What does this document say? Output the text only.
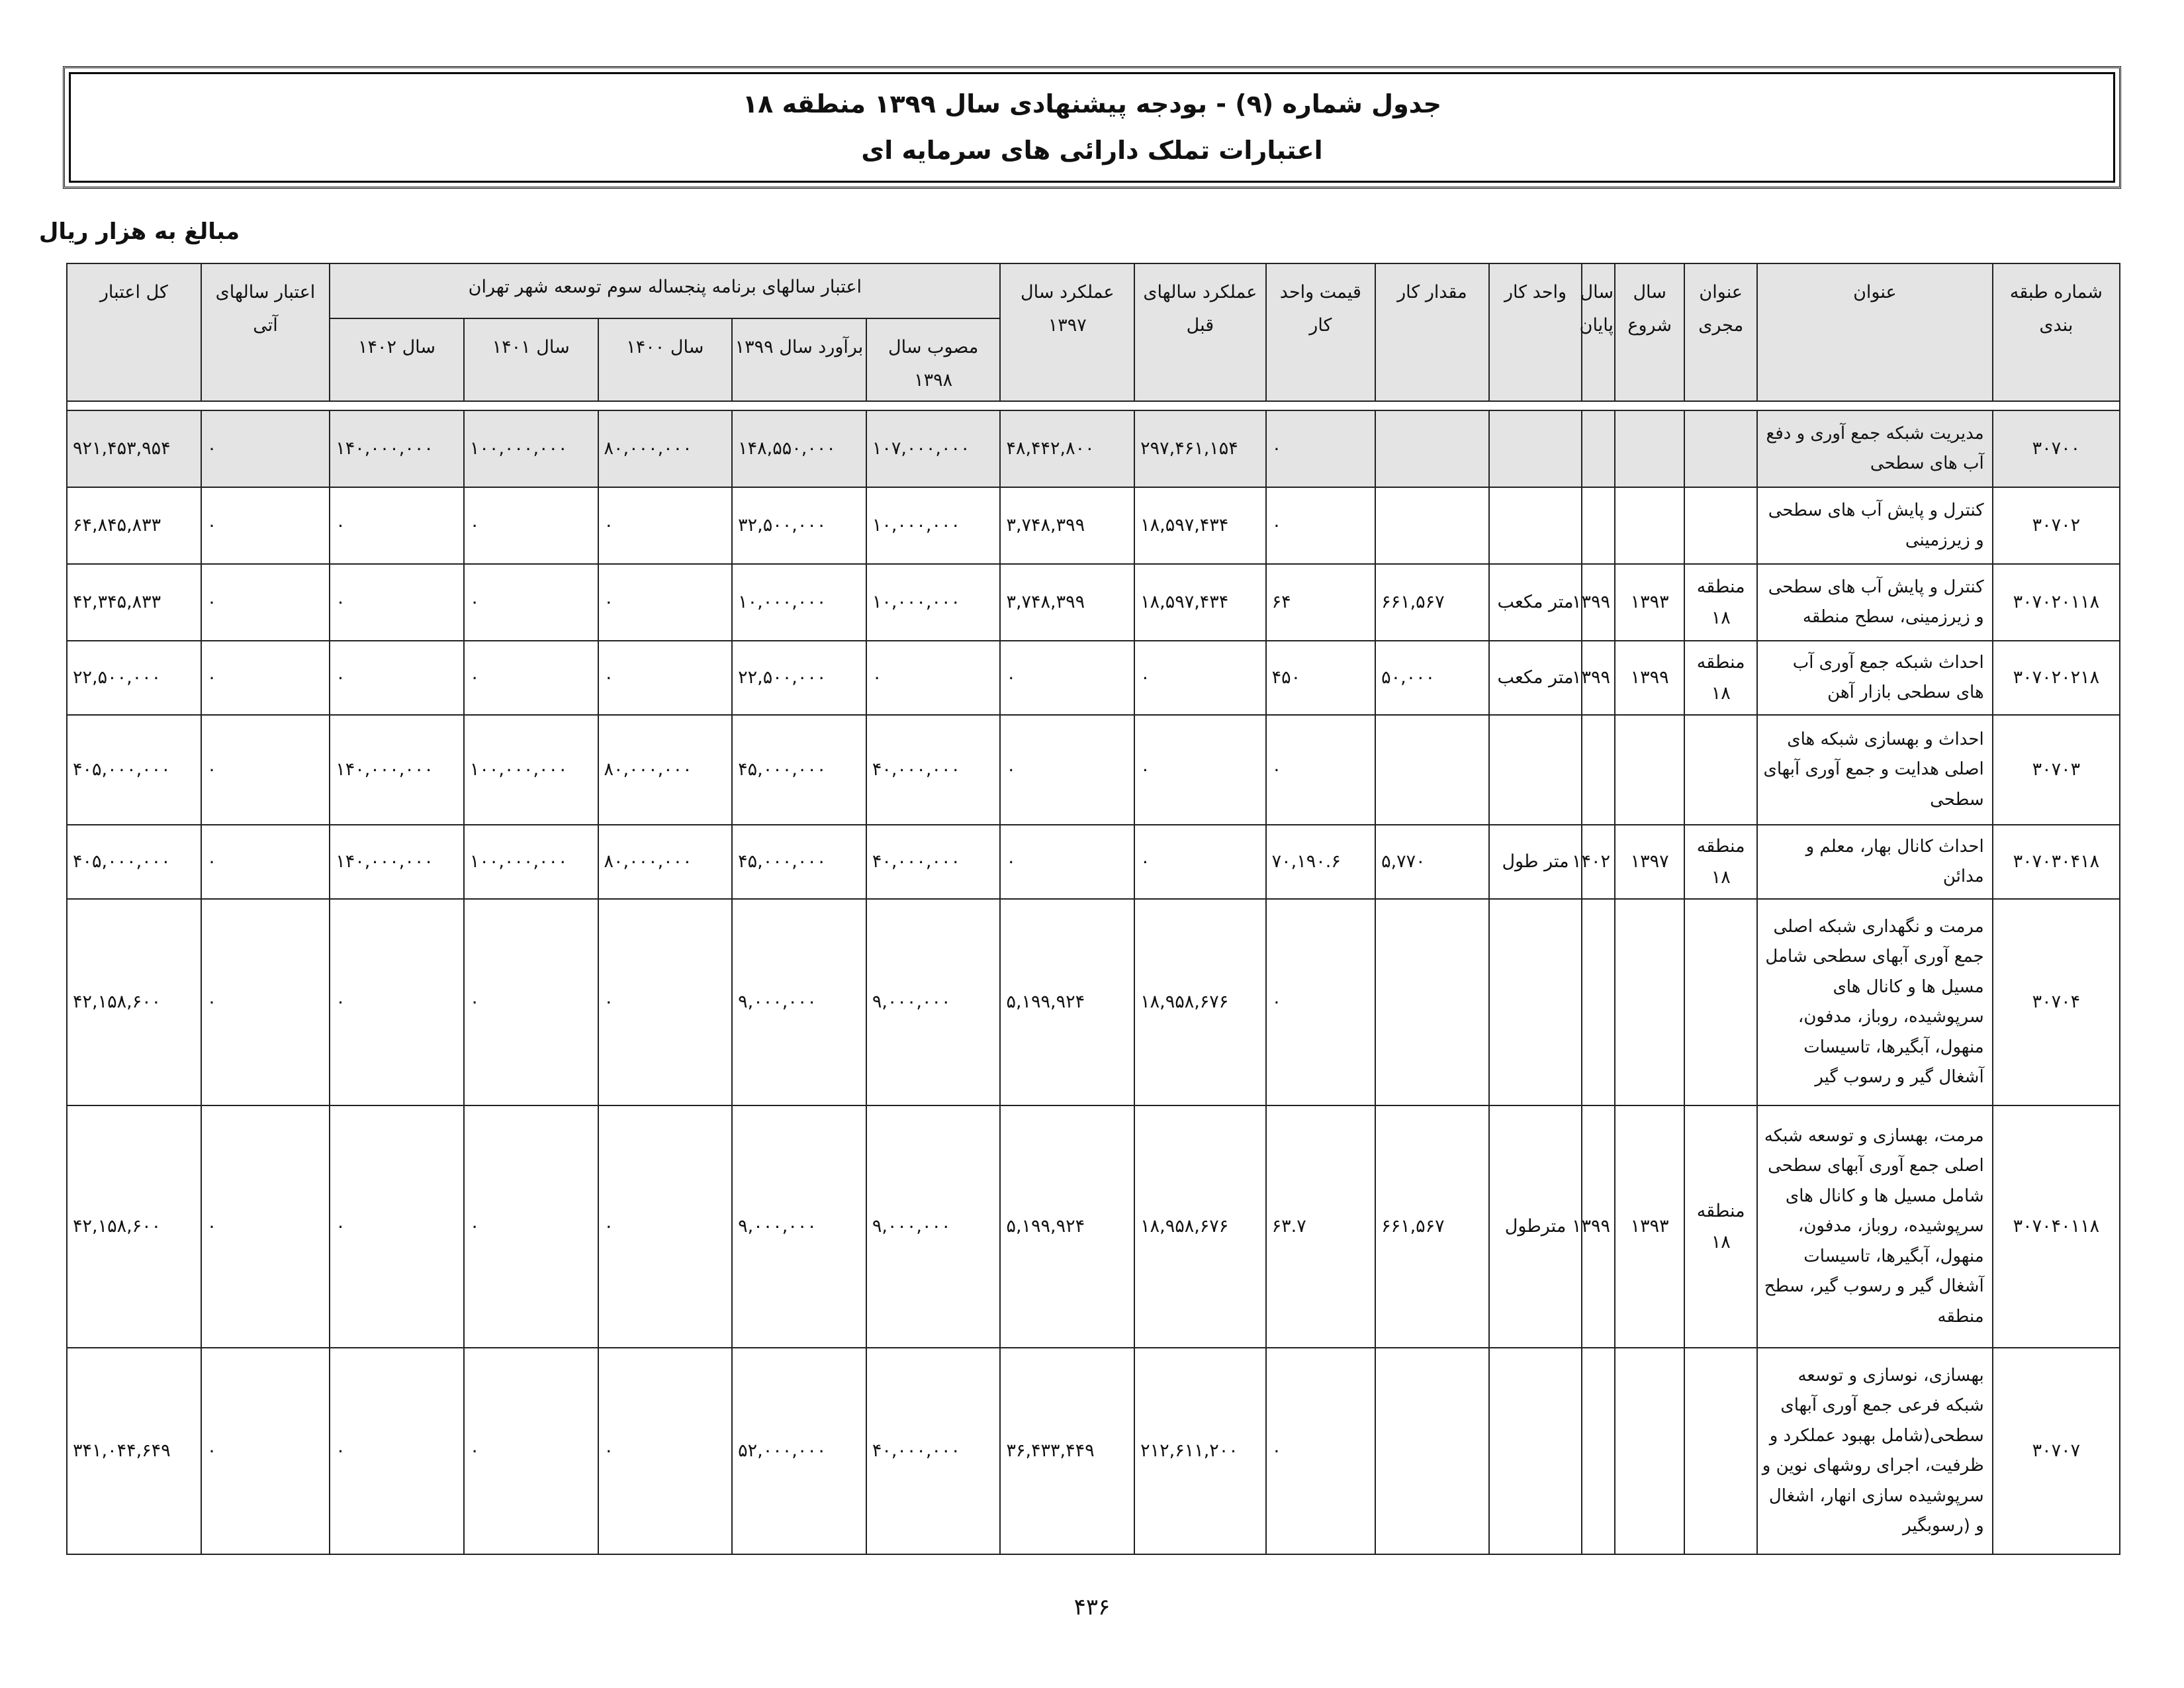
جدول شماره (۹) - بودجه پیشنهادی سال ۱۳۹۹ منطقه ۱۸
اعتبارات تملک دارائی های سرمایه ای
مبالغ به هزار ریال
شماره طبقه بندی	عنوان	عنوان مجری	سال شروع	سال پایان	واحد کار	مقدار کار	قیمت واحد کار	عملکرد سالهای قبل	عملکرد سال ۱۳۹۷	اعتبار سالهای برنامه پنجساله سوم توسعه شهر تهران					اعتبار سالهای آتی	کل اعتبار
										مصوب سال ۱۳۹۸	برآورد سال ۱۳۹۹	سال ۱۴۰۰	سال ۱۴۰۱	سال ۱۴۰۲		

۳۰۷۰۰	مدیریت شبکه جمع آوری و دفع آب های سطحی						۰	۲۹۷,۴۶۱,۱۵۴	۴۸,۴۴۲,۸۰۰	۱۰۷,۰۰۰,۰۰۰	۱۴۸,۵۵۰,۰۰۰	۸۰,۰۰۰,۰۰۰	۱۰۰,۰۰۰,۰۰۰	۱۴۰,۰۰۰,۰۰۰	۰	۹۲۱,۴۵۳,۹۵۴
۳۰۷۰۲	کنترل و پایش آب های سطحی و زیرزمینی						۰	۱۸,۵۹۷,۴۳۴	۳,۷۴۸,۳۹۹	۱۰,۰۰۰,۰۰۰	۳۲,۵۰۰,۰۰۰	۰	۰	۰	۰	۶۴,۸۴۵,۸۳۳
۳۰۷۰۲۰۱۱۸	کنترل و پایش آب های سطحی و زیرزمینی، سطح منطقه	منطقه ۱۸	۱۳۹۳	۱۳۹۹	متر مکعب	۶۶۱,۵۶۷	۶۴	۱۸,۵۹۷,۴۳۴	۳,۷۴۸,۳۹۹	۱۰,۰۰۰,۰۰۰	۱۰,۰۰۰,۰۰۰	۰	۰	۰	۰	۴۲,۳۴۵,۸۳۳
۳۰۷۰۲۰۲۱۸	احداث شبکه جمع آوری آب های سطحی بازار آهن	منطقه ۱۸	۱۳۹۹	۱۳۹۹	متر مکعب	۵۰,۰۰۰	۴۵۰	۰	۰	۰	۲۲,۵۰۰,۰۰۰	۰	۰	۰	۰	۲۲,۵۰۰,۰۰۰
۳۰۷۰۳	احداث و بهسازی شبکه های اصلی هدایت و جمع آوری آبهای سطحی						۰	۰	۰	۴۰,۰۰۰,۰۰۰	۴۵,۰۰۰,۰۰۰	۸۰,۰۰۰,۰۰۰	۱۰۰,۰۰۰,۰۰۰	۱۴۰,۰۰۰,۰۰۰	۰	۴۰۵,۰۰۰,۰۰۰
۳۰۷۰۳۰۴۱۸	احداث کانال بهار، معلم و مدائن	منطقه ۱۸	۱۳۹۷	۱۴۰۲	متر طول	۵,۷۷۰	۷۰,۱۹۰.۶	۰	۰	۴۰,۰۰۰,۰۰۰	۴۵,۰۰۰,۰۰۰	۸۰,۰۰۰,۰۰۰	۱۰۰,۰۰۰,۰۰۰	۱۴۰,۰۰۰,۰۰۰	۰	۴۰۵,۰۰۰,۰۰۰
۳۰۷۰۴	مرمت و نگهداری شبکه اصلی جمع آوری آبهای سطحی شامل مسیل ها و کانال های سرپوشیده، روباز، مدفون، منهول، آبگیرها، تاسیسات آشغال گیر و رسوب گیر						۰	۱۸,۹۵۸,۶۷۶	۵,۱۹۹,۹۲۴	۹,۰۰۰,۰۰۰	۹,۰۰۰,۰۰۰	۰	۰	۰	۰	۴۲,۱۵۸,۶۰۰
۳۰۷۰۴۰۱۱۸	مرمت، بهسازی و توسعه شبکه اصلی جمع آوری آبهای سطحی شامل مسیل ها و کانال های سرپوشیده، روباز، مدفون، منهول، آبگیرها، تاسیسات آشغال گیر و رسوب گیر، سطح منطقه	منطقه ۱۸	۱۳۹۳	۱۳۹۹	مترطول	۶۶۱,۵۶۷	۶۳.۷	۱۸,۹۵۸,۶۷۶	۵,۱۹۹,۹۲۴	۹,۰۰۰,۰۰۰	۹,۰۰۰,۰۰۰	۰	۰	۰	۰	۴۲,۱۵۸,۶۰۰
۳۰۷۰۷	بهسازی، نوسازی و توسعه شبکه فرعی جمع آوری آبهای سطحی(شامل بهبود عملکرد و ظرفیت، اجرای روشهای نوین و سرپوشیده سازی انهار، اشغال و (رسوبگیر						۰	۲۱۲,۶۱۱,۲۰۰	۳۶,۴۳۳,۴۴۹	۴۰,۰۰۰,۰۰۰	۵۲,۰۰۰,۰۰۰	۰	۰	۰	۰	۳۴۱,۰۴۴,۶۴۹
۴۳۶
